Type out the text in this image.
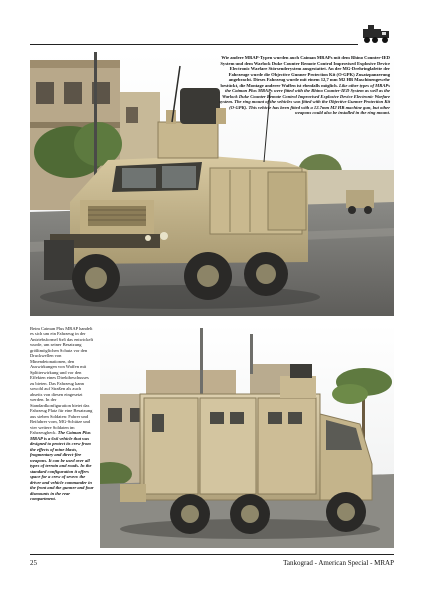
Wie andere MRAP-Typen wurden auch Caiman MRAPs mit dem Rhino Counter-IED System und dem Warlock Duke Counter Remote Control Improvised Explosive Device Electronic Warfare Störsenderystem ausgestattet. An der MG-Drehringlafette der Fahrzeuge wurde die Objective Gunner Protection Kit (O-GPK) Zusatzpanzerung angebracht. Dieses Fahrzeug wurde mit einem 12,7 mm M2 HB Maschinengewehr bestückt, die Montage anderer Waffen ist ebenfalls möglich. Like other types of MRAPs the Caiman Plus MRAPs were fitted with the Rhino Counter-IED System as well as the Warlock Duke Counter Remote Control Improvised Explosive Device Electronic Warfare system. The ring mount of the vehicles was fitted with the Objective Gunner Protection Kit (O-GPK). This vehicle has been fitted with a 12.7mm M2 HB machine gun, but other weapons could also be installed in the ring mount.
Beim Caiman Plus MRAP handelt es sich um ein Fahrzeug in der Antriebsformel 6x6 das entwickelt wurde, um seiner Besatzung größtmöglichen Schutz vor den Druckwellen von Minendetonationen, den Auswirkungen von Waffen mit Splitterwirkung und vor den Effekten eines Direktbeschusses zu bieten. Das Fahrzeug kann sowohl auf Straßen als auch abseits von diesen eingesetzt werden. In der Standardkonfiguration bietet das Fahrzeug Platz für eine Besatzung aus sieben Soldaten: Fahrer und Beifahrer vorn, MG-Schütze und vier weitere Soldaten im Fahrzeugheck. The Caiman Plus MRAP is a 6x6 vehicle that was designed to protect its crew from the effects of mine blasts, fragmentary and direct-fire weapons. It can be used over all types of terrain and roads. In the standard configuration it offers space for a crew of seven: the driver and vehicle commander in the front and the gunner and four dismounts in the rear compartment.
25	Tankograd - American Special - MRAP
